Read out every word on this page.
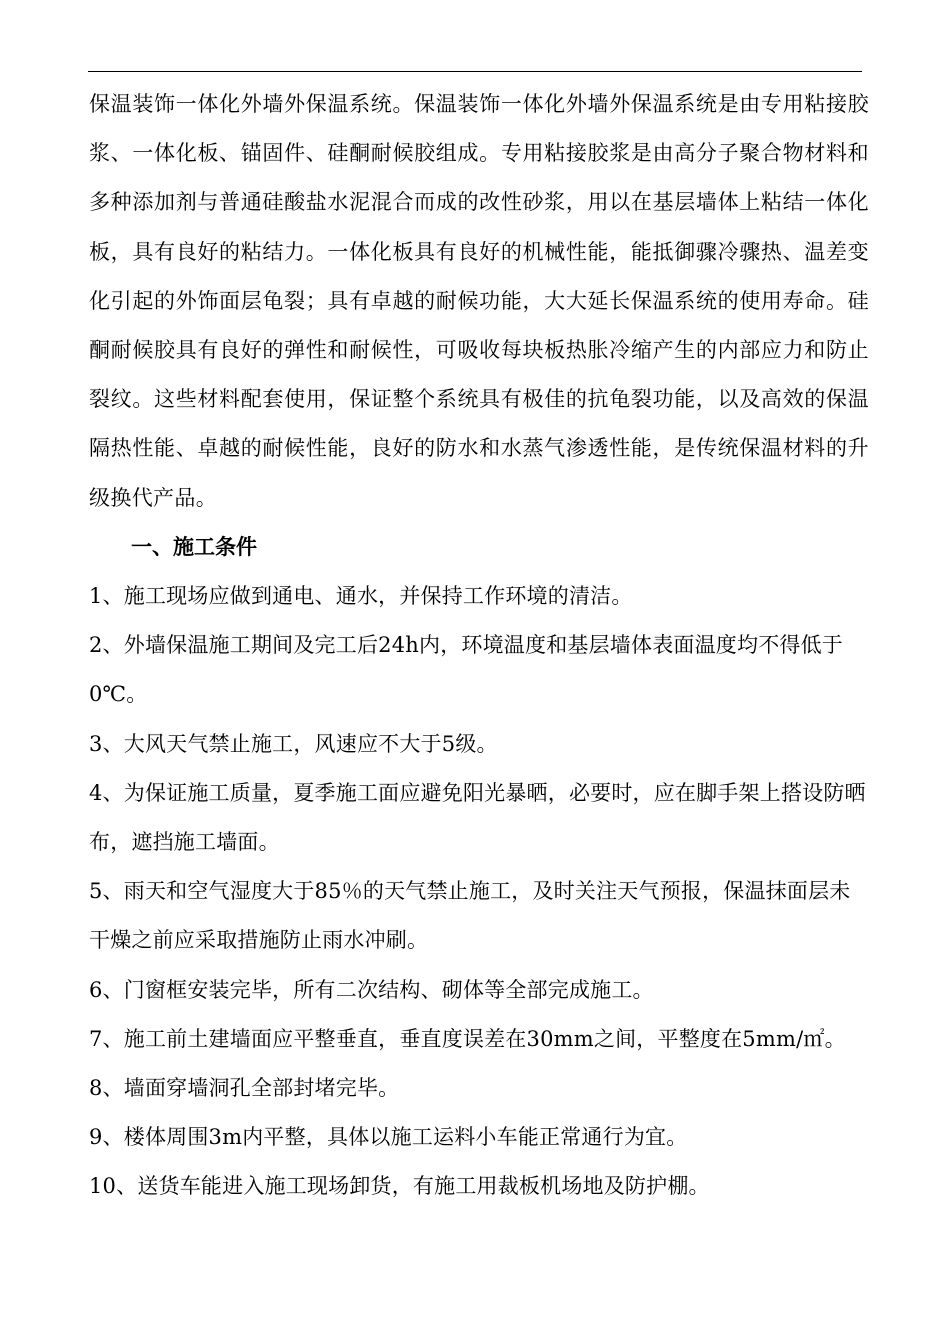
保温装饰一体化外墙外保温系统。保温装饰一体化外墙外保温系统是由专用粘接胶浆、一体化板、锚固件、硅酮耐候胶组成。专用粘接胶浆是由高分子聚合物材料和多种添加剂与普通硅酸盐水泥混合而成的改性砂浆，用以在基层墙体上粘结一体化板，具有良好的粘结力。一体化板具有良好的机械性能，能抵御骤冷骤热、温差变化引起的外饰面层龟裂；具有卓越的耐候功能，大大延长保温系统的使用寿命。硅酮耐候胶具有良好的弹性和耐候性，可吸收每块板热胀冷缩产生的内部应力和防止裂纹。这些材料配套使用，保证整个系统具有极佳的抗龟裂功能，以及高效的保温隔热性能、卓越的耐候性能，良好的防水和水蒸气渗透性能，是传统保温材料的升级换代产品。

一、施工条件

1、施工现场应做到通电、通水，并保持工作环境的清洁。

2、外墙保温施工期间及完工后24h内，环境温度和基层墙体表面温度均不得低于0℃。

3、大风天气禁止施工，风速应不大于5级。

4、为保证施工质量，夏季施工面应避免阳光暴晒，必要时，应在脚手架上搭设防晒布，遮挡施工墙面。

5、雨天和空气湿度大于85％的天气禁止施工，及时关注天气预报，保温抹面层未干燥之前应采取措施防止雨水冲刷。

6、门窗框安装完毕，所有二次结构、砌体等全部完成施工。

7、施工前土建墙面应平整垂直，垂直度误差在30mm之间，平整度在5mm/㎡。

8、墙面穿墙洞孔全部封堵完毕。

9、楼体周围3m内平整，具体以施工运料小车能正常通行为宜。

10、送货车能进入施工现场卸货，有施工用裁板机场地及防护棚。
